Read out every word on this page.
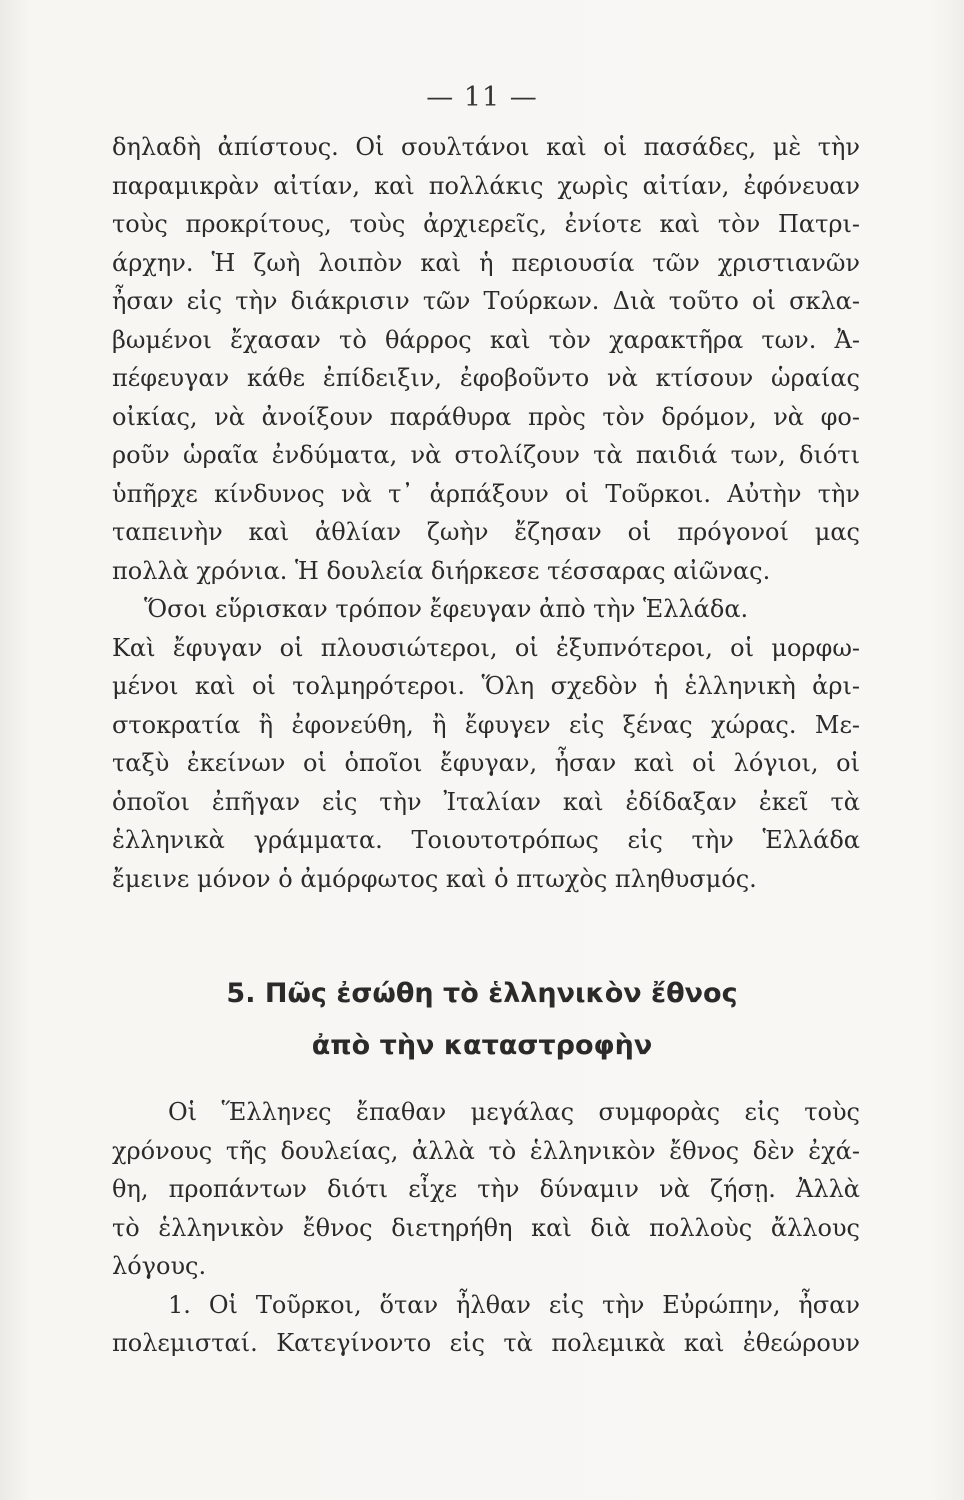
— 11 —
δηλαδὴ ἀπίστους. Οἱ σουλτάνοι καὶ οἱ πασάδες, μὲ τὴν
παραμικρὰν αἰτίαν, καὶ πολλάκις χωρὶς αἰτίαν, ἐφόνευαν
τοὺς προκρίτους, τοὺς ἀρχιερεῖς, ἐνίοτε καὶ τὸν Πατρι-
άρχην. Ἡ ζωὴ λοιπὸν καὶ ἡ περιουσία τῶν χριστιανῶν
ἦσαν εἰς τὴν διάκρισιν τῶν Τούρκων. Διὰ τοῦτο οἱ σκλα-
βωμένοι ἔχασαν τὸ θάρρος καὶ τὸν χαρακτῆρα των. Ἀ-
πέφευγαν κάθε ἐπίδειξιν, ἐφοβοῦντο νὰ κτίσουν ὡραίας
οἰκίας, νὰ ἀνοίξουν παράθυρα πρὸς τὸν δρόμον, νὰ φο-
ροῦν ὡραῖα ἐνδύματα, νὰ στολίζουν τὰ παιδιά των, διότι
ὑπῆρχε κίνδυνος νὰ τ᾽ ἁρπάξουν οἱ Τοῦρκοι. Αὐτὴν τὴν
ταπεινὴν καὶ ἀθλίαν ζωὴν ἔζησαν οἱ πρόγονοί μας
πολλὰ χρόνια. Ἡ δουλεία διήρκεσε τέσσαρας αἰῶνας.
Ὅσοι εὕρισκαν τρόπον ἔφευγαν ἀπὸ τὴν Ἑλλάδα.
Καὶ ἔφυγαν οἱ πλουσιώτεροι, οἱ ἐξυπνότεροι, οἱ μορφω-
μένοι καὶ οἱ τολμηρότεροι. Ὅλη σχεδὸν ἡ ἑλληνικὴ ἀρι-
στοκρατία ἢ ἐφονεύθη, ἢ ἔφυγεν εἰς ξένας χώρας. Με-
ταξὺ ἐκείνων οἱ ὁποῖοι ἔφυγαν, ἦσαν καὶ οἱ λόγιοι, οἱ
ὁποῖοι ἐπῆγαν εἰς τὴν Ἰταλίαν καὶ ἐδίδαξαν ἐκεῖ τὰ
ἑλληνικὰ γράμματα. Τοιουτοτρόπως εἰς τὴν Ἑλλάδα
ἔμεινε μόνον ὁ ἀμόρφωτος καὶ ὁ πτωχὸς πληθυσμός.
5. Πῶς ἐσώθη τὸ ἑλληνικὸν ἔθνος
ἀπὸ τὴν καταστροφὴν
Οἱ Ἕλληνες ἔπαθαν μεγάλας συμφορὰς εἰς τοὺς
χρόνους τῆς δουλείας, ἀλλὰ τὸ ἑλληνικὸν ἔθνος δὲν ἐχά-
θη, προπάντων διότι εἶχε τὴν δύναμιν νὰ ζήσῃ. Ἀλλὰ
τὸ ἑλληνικὸν ἔθνος διετηρήθη καὶ διὰ πολλοὺς ἄλλους
λόγους.
1. Οἱ Τοῦρκοι, ὅταν ἦλθαν εἰς τὴν Εὐρώπην, ἦσαν
πολεμισταί. Κατεγίνοντο εἰς τὰ πολεμικὰ καὶ ἐθεώρουν
